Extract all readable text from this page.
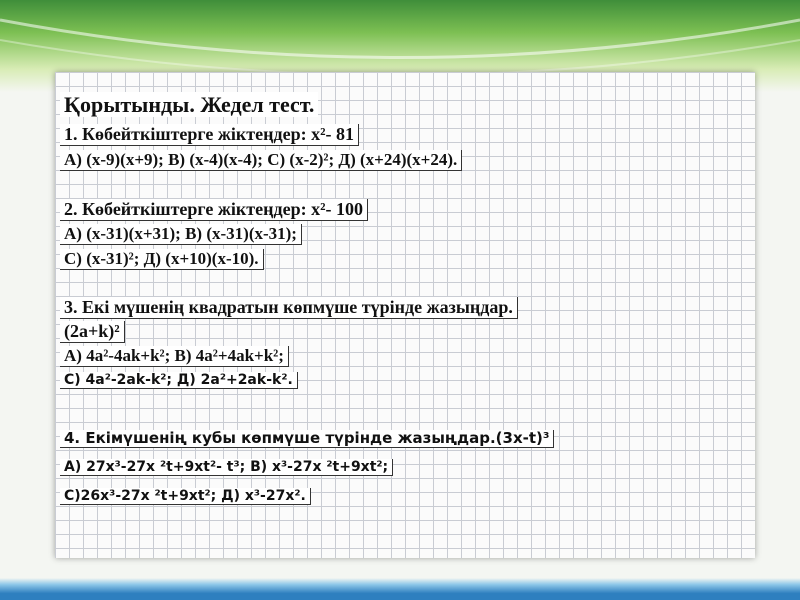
Қорытынды. Жедел тест.
1. Көбейткіштерге жіктеңдер: x²- 81
А) (x-9)(x+9); В) (x-4)(x-4); С) (x-2)²; Д) (x+24)(x+24).
2. Көбейткіштерге жіктеңдер: x²- 100
А) (x-31)(x+31); В) (x-31)(x-31);
С) (x-31)²; Д) (x+10)(x-10).
3. Екі мүшенің квадратын көпмүше түрінде жазыңдар.
(2a+k)²
А) 4a²-4ak+k²; В) 4a²+4ak+k²;
С) 4a²-2ak-k²; Д) 2a²+2ak-k².
4. Екімүшенің кубы көпмүше түрінде жазыңдар.(3x-t)³
А) 27x³-27x ²t+9xt²- t³; В) x³-27x ²t+9xt²;
С)26x³-27x ²t+9xt²; Д) x³-27x².
